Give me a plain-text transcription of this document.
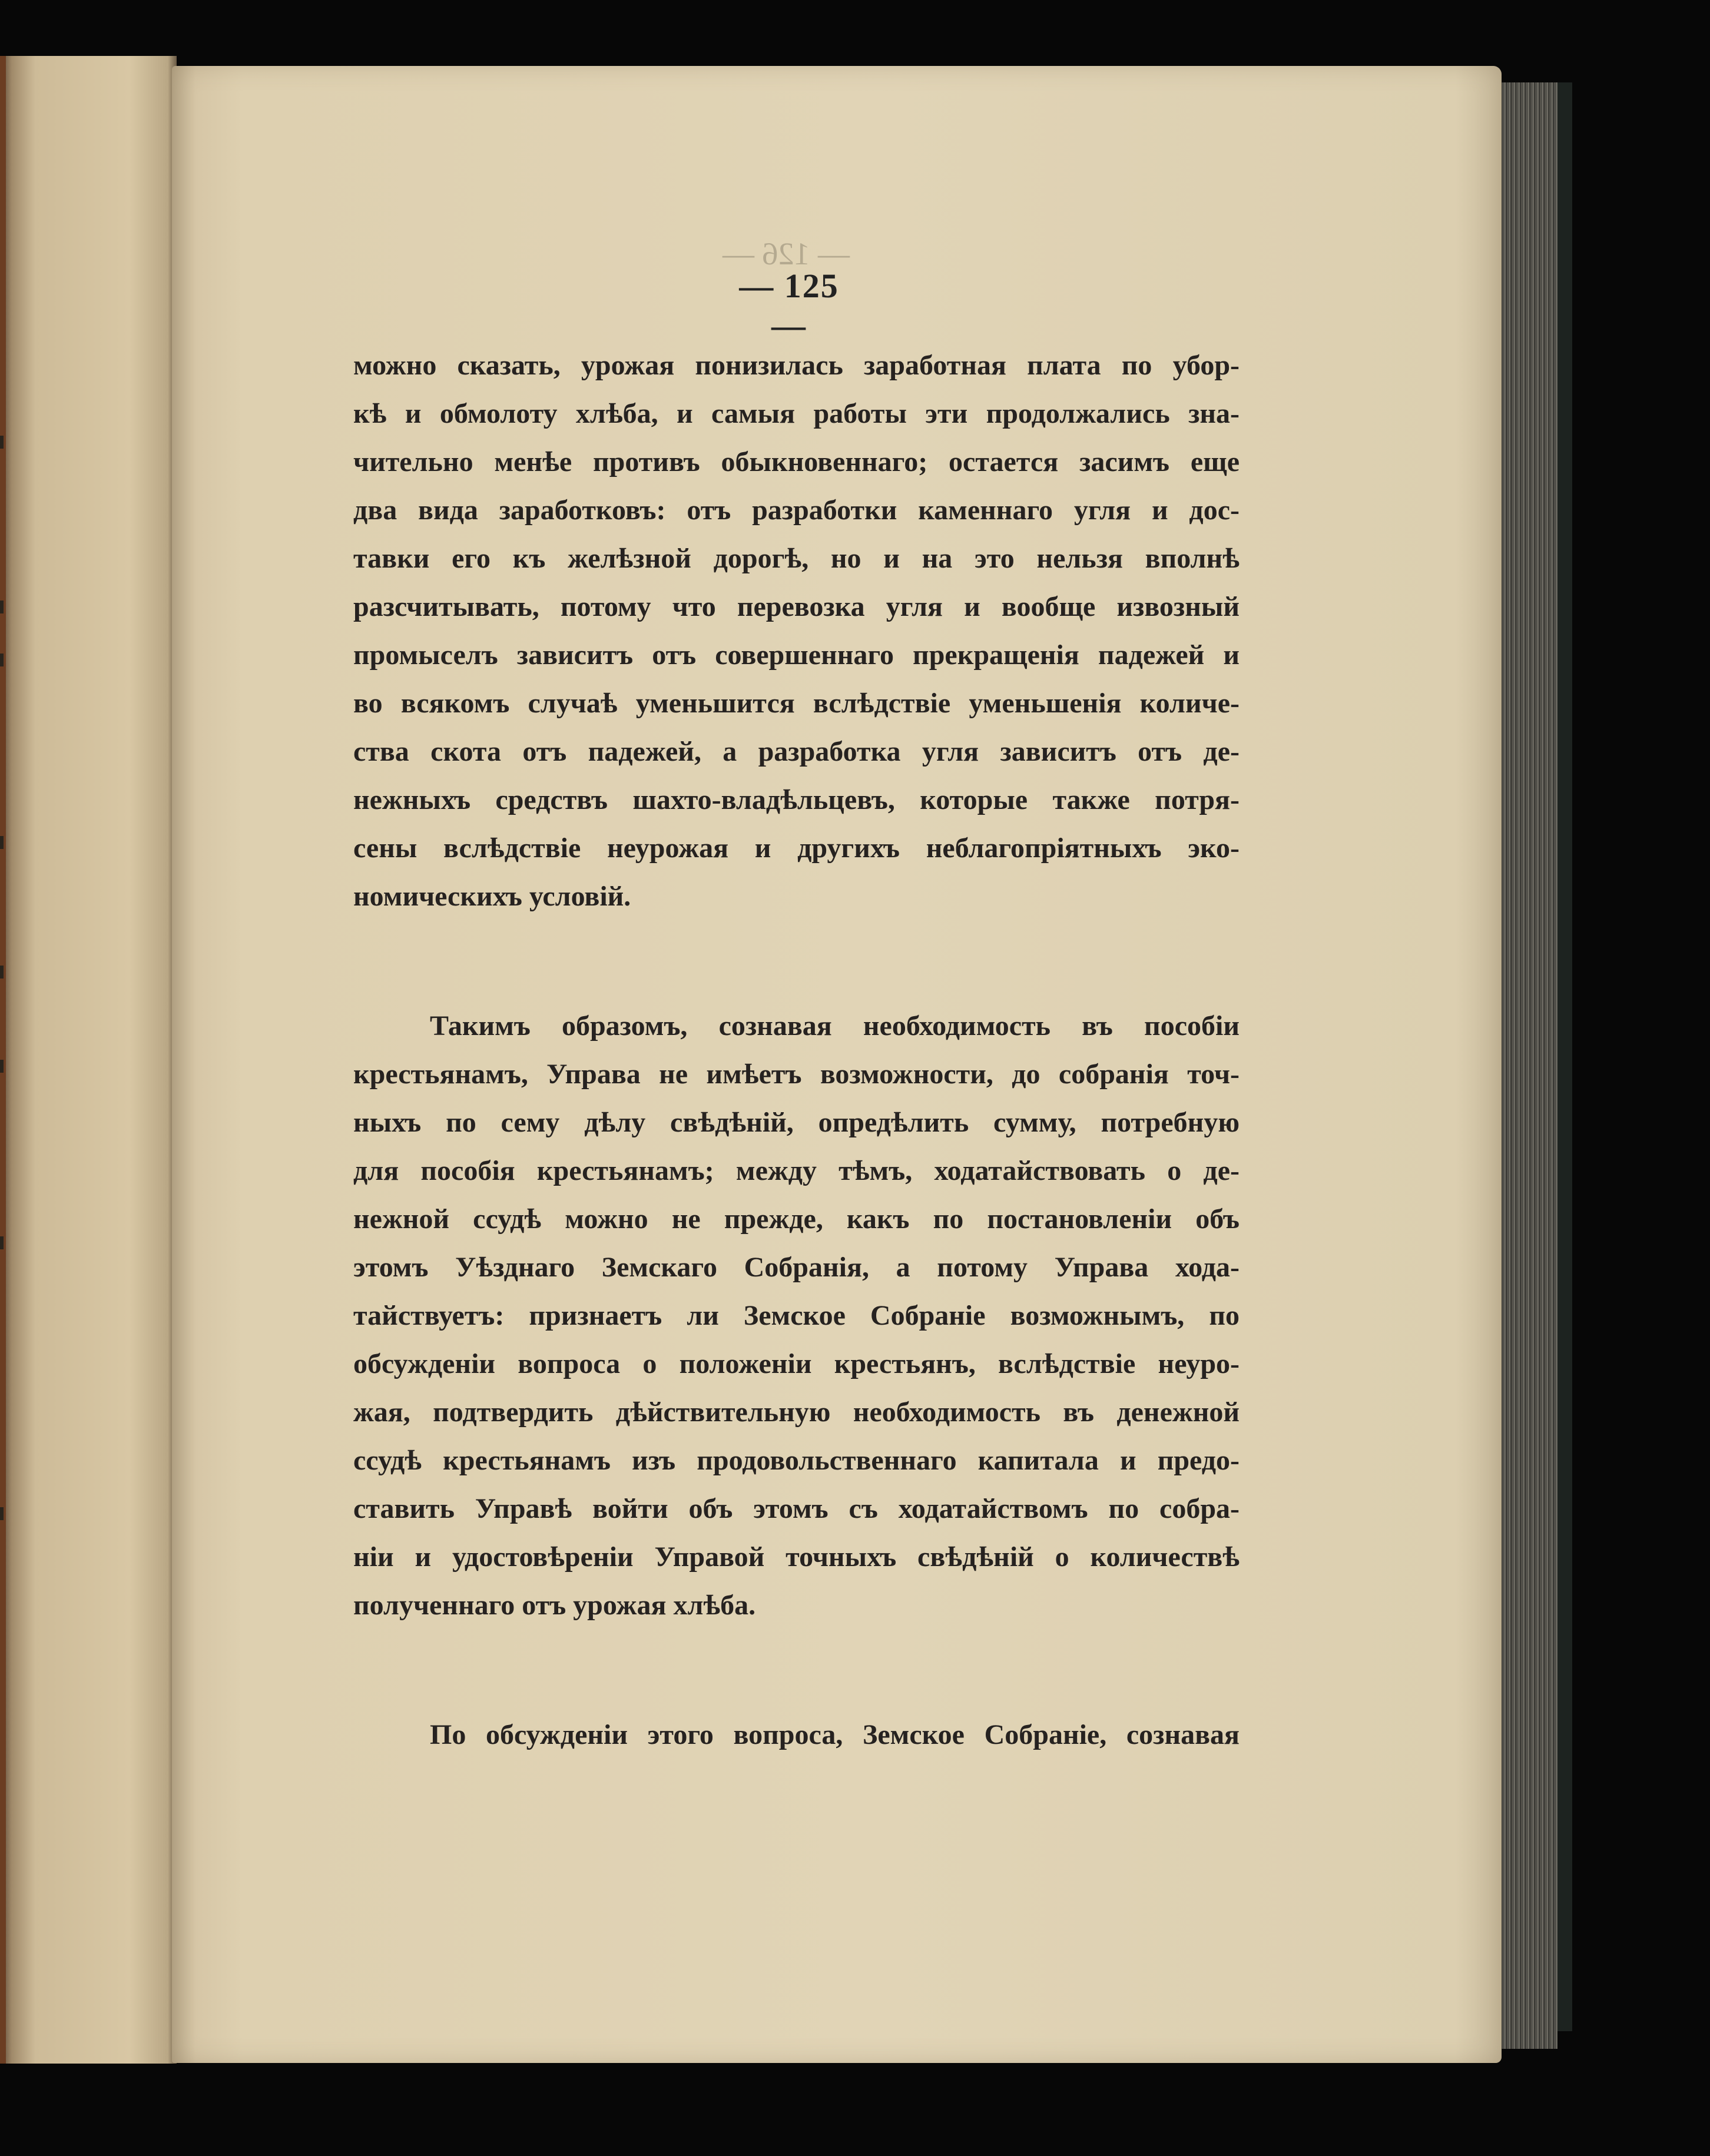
— 126 —
— 125 —
можно сказать, урожая понизилась заработная плата по убор-
кѣ и обмолоту хлѣба, и самыя работы эти продолжались зна-
чительно менѣе противъ обыкновеннаго; остается засимъ еще
два вида заработковъ: отъ разработки каменнаго угля и дос-
тавки его къ желѣзной дорогѣ, но и на это нельзя вполнѣ
разсчитывать, потому что перевозка угля и вообще извозный
промыселъ зависитъ отъ совершеннаго прекращенія падежей и
во всякомъ случаѣ уменьшится вслѣдствіе уменьшенія количе-
ства скота отъ падежей, а разработка угля зависитъ отъ де-
нежныхъ средствъ шахто-владѣльцевъ, которые также потря-
сены вслѣдствіе неурожая и другихъ неблагопріятныхъ эко-
номическихъ условій.
Такимъ образомъ, сознавая необходимость въ пособіи
крестьянамъ, Управа не имѣетъ возможности, до собранія точ-
ныхъ по сему дѣлу свѣдѣній, опредѣлить сумму, потребную
для пособія крестьянамъ; между тѣмъ, ходатайствовать о де-
нежной ссудѣ можно не прежде, какъ по постановленіи объ
этомъ Уѣзднаго Земскаго Собранія, а потому Управа хода-
тайствуетъ: признаетъ ли Земское Собраніе возможнымъ, по
обсужденіи вопроса о положеніи крестьянъ, вслѣдствіе неуро-
жая, подтвердить дѣйствительную необходимость въ денежной
ссудѣ крестьянамъ изъ продовольственнаго капитала и предо-
ставить Управѣ войти объ этомъ съ ходатайствомъ по собра-
ніи и удостовѣреніи Управой точныхъ свѣдѣній о количествѣ
полученнаго отъ урожая хлѣба.
По обсужденіи этого вопроса, Земское Собраніе, сознавая
